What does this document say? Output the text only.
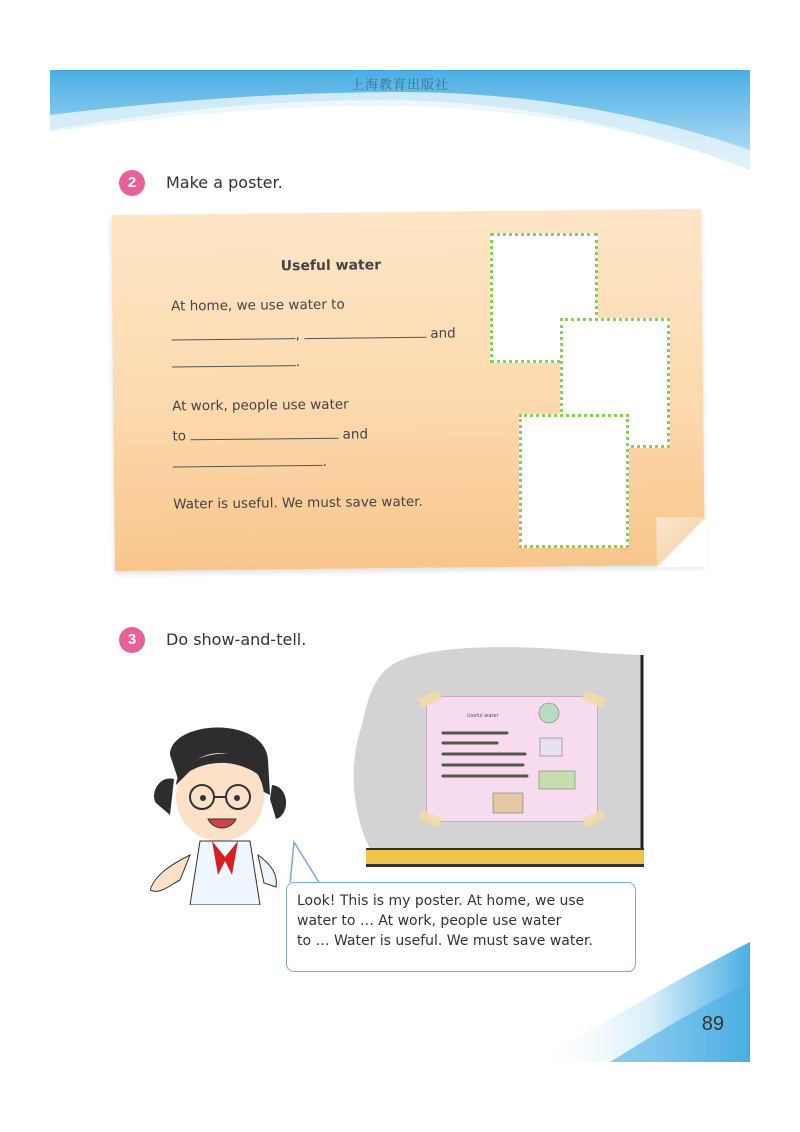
上海教育出版社
2	Make a poster.
Useful water
At home, we use water to
,	and
.
At work, people use water
to	and
.
Water is useful. We must save water.
3	Do show-and-tell.
Useful water
Look! This is my poster. At home, we use
water to … At work, people use water
to … Water is useful. We must save water.
89
